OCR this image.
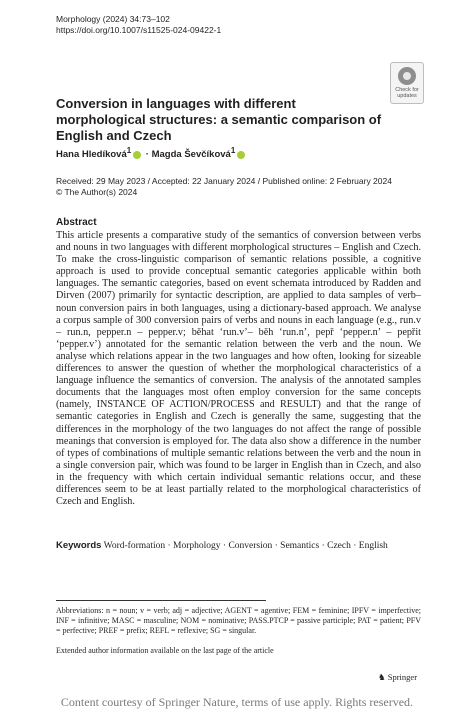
Morphology (2024) 34:73–102
https://doi.org/10.1007/s11525-024-09422-1
Check for updates
Conversion in languages with different morphological structures: a semantic comparison of English and Czech
Hana Hledíková$^1$ · Magda Ševčíková$^1$
Received: 29 May 2023 / Accepted: 22 January 2024 / Published online: 2 February 2024
© The Author(s) 2024
Abstract
This article presents a comparative study of the semantics of conversion between verbs and nouns in two languages with different morphological structures – English and Czech. To make the cross-linguistic comparison of semantic relations possible, a cognitive approach is used to provide conceptual semantic categories applicable within both languages. The semantic categories, based on event schemata introduced by Radden and Dirven (2007) primarily for syntactic description, are applied to data samples of verb–noun conversion pairs in both languages, using a dictionary-based approach. We analyse a corpus sample of 300 conversion pairs of verbs and nouns in each language (e.g., run.v – run.n, pepper.n – pepper.v; běhat ‘run.v’– běh ‘run.n’, pepř ‘pepper.n’ – pepřit ‘pepper.v’) annotated for the semantic relation between the verb and the noun. We analyse which relations appear in the two languages and how often, looking for sizeable differences to answer the question of whether the morphological characteristics of a language influence the semantics of conversion. The analysis of the annotated samples documents that the languages most often employ conversion for the same concepts (namely, INSTANCE OF ACTION/PROCESS and RESULT) and that the range of semantic categories in English and Czech is generally the same, suggesting that the differences in the morphology of the two languages do not affect the range of possible meanings that conversion is employed for. The data also show a difference in the number of types of combinations of multiple semantic relations between the verb and the noun in a single conversion pair, which was found to be larger in English than in Czech, and also in the frequency with which certain individual semantic relations occur, and these differences seem to be at least partially related to the morphological characteristics of Czech and English.
Keywords Word-formation · Morphology · Conversion · Semantics · Czech · English
Abbreviations: n = noun; v = verb; adj = adjective; AGENT = agentive; FEM = feminine; IPFV = imperfective; INF = infinitive; MASC = masculine; NOM = nominative; PASS.PTCP = passive participle; PAT = patient; PFV = perfective; PREF = prefix; REFL = reflexive; SG = singular.
Extended author information available on the last page of the article
♞ Springer
Content courtesy of Springer Nature, terms of use apply. Rights reserved.
